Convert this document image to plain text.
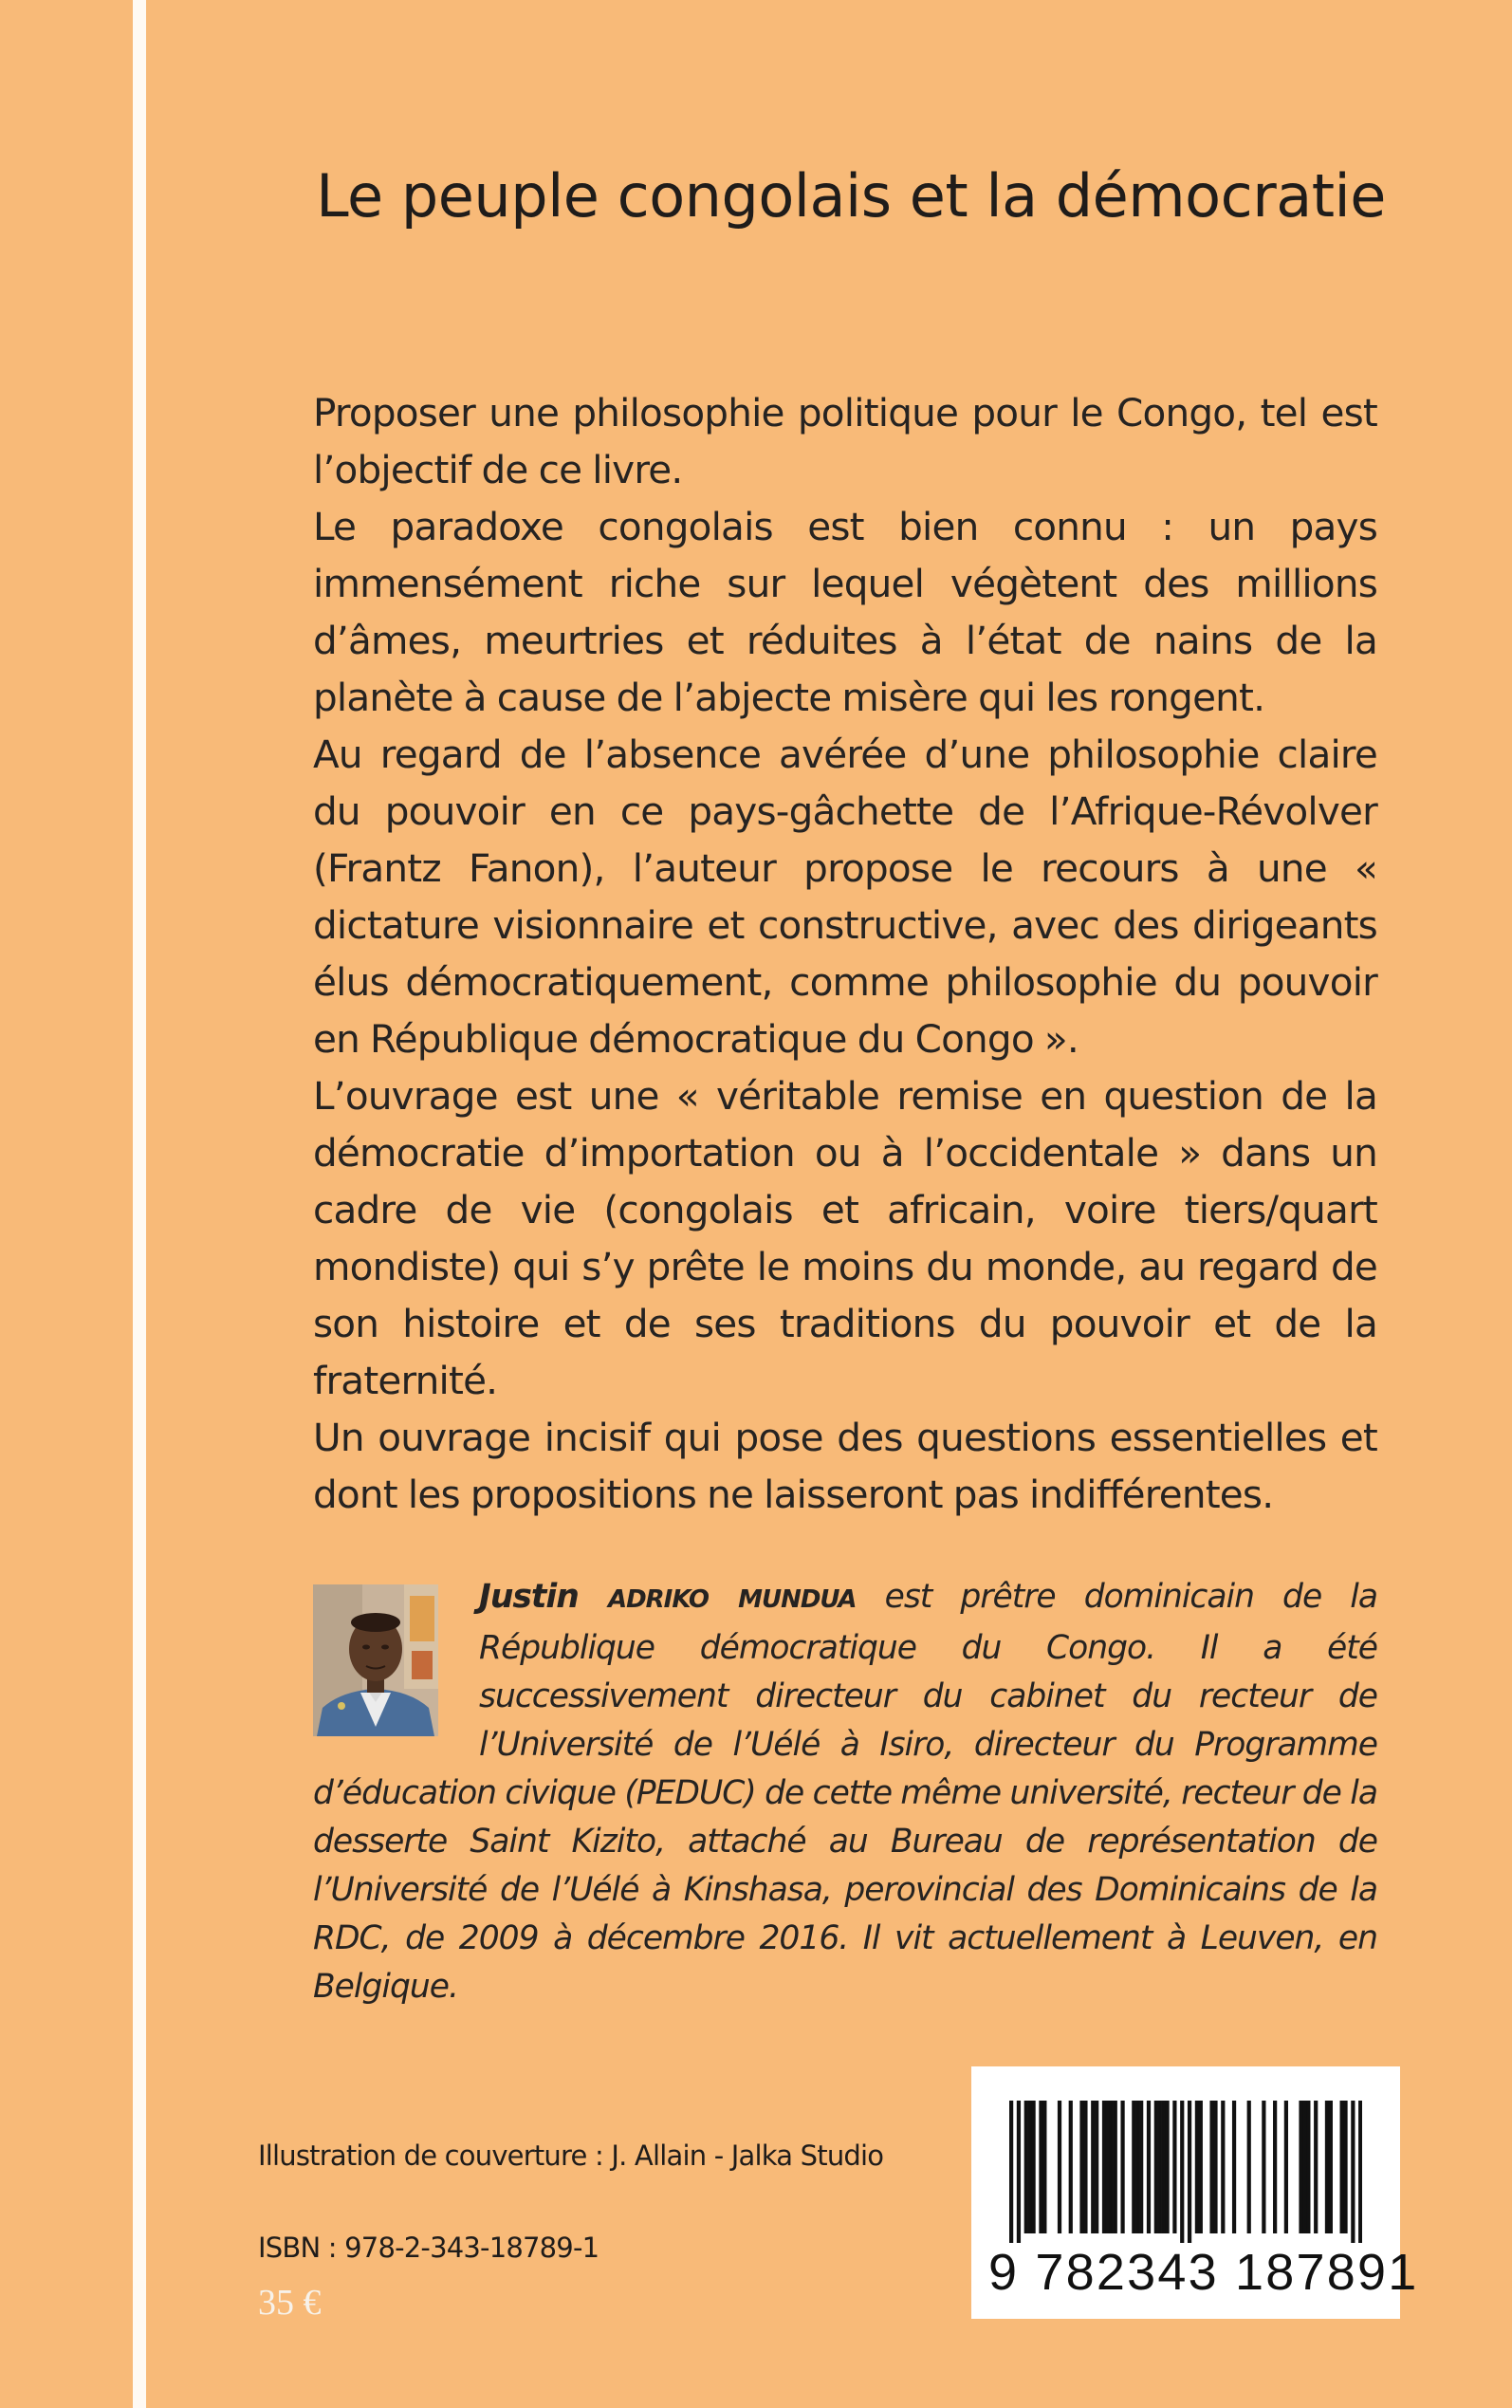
Le peuple congolais et la démocratie

Proposer une philosophie politique pour le Congo, tel est l’objectif de ce livre.

Le paradoxe congolais est bien connu : un pays immensément riche sur lequel végètent des millions d’âmes, meurtries et réduites à l’état de nains de la planète à cause de l’abjecte misère qui les rongent.

Au regard de l’absence avérée d’une philosophie claire du pouvoir en ce pays-gâchette de l’Afrique-Révolver (Frantz Fanon), l’auteur propose le recours à une « dictature visionnaire et constructive, avec des dirigeants élus démocratiquement, comme philosophie du pouvoir en République démocratique du Congo ».

L’ouvrage est une « véritable remise en question de la démocratie d’importation ou à l’occidentale » dans un cadre de vie (congolais et africain, voire tiers/quart mondiste) qui s’y prête le moins du monde, au regard de son histoire et de ses traditions du pouvoir et de la fraternité.

Un ouvrage incisif qui pose des questions essentielles et dont les propositions ne laisseront pas indifférentes.

Justin ADRIKO MUNDUA est prêtre dominicain de la République démocratique du Congo. Il a été successivement directeur du cabinet du recteur de l’Université de l’Uélé à Isiro, directeur du Programme d’éducation civique (PEDUC) de cette même université, recteur de la desserte Saint Kizito, attaché au Bureau de représentation de l’Université de l’Uélé à Kinshasa, perovincial des Dominicains de la RDC, de 2009 à décembre 2016. Il vit actuellement à Leuven, en Belgique.

Illustration de couverture : J. Allain - Jalka Studio

ISBN : 978-2-343-18789-1

35 €

9 782343 187891
